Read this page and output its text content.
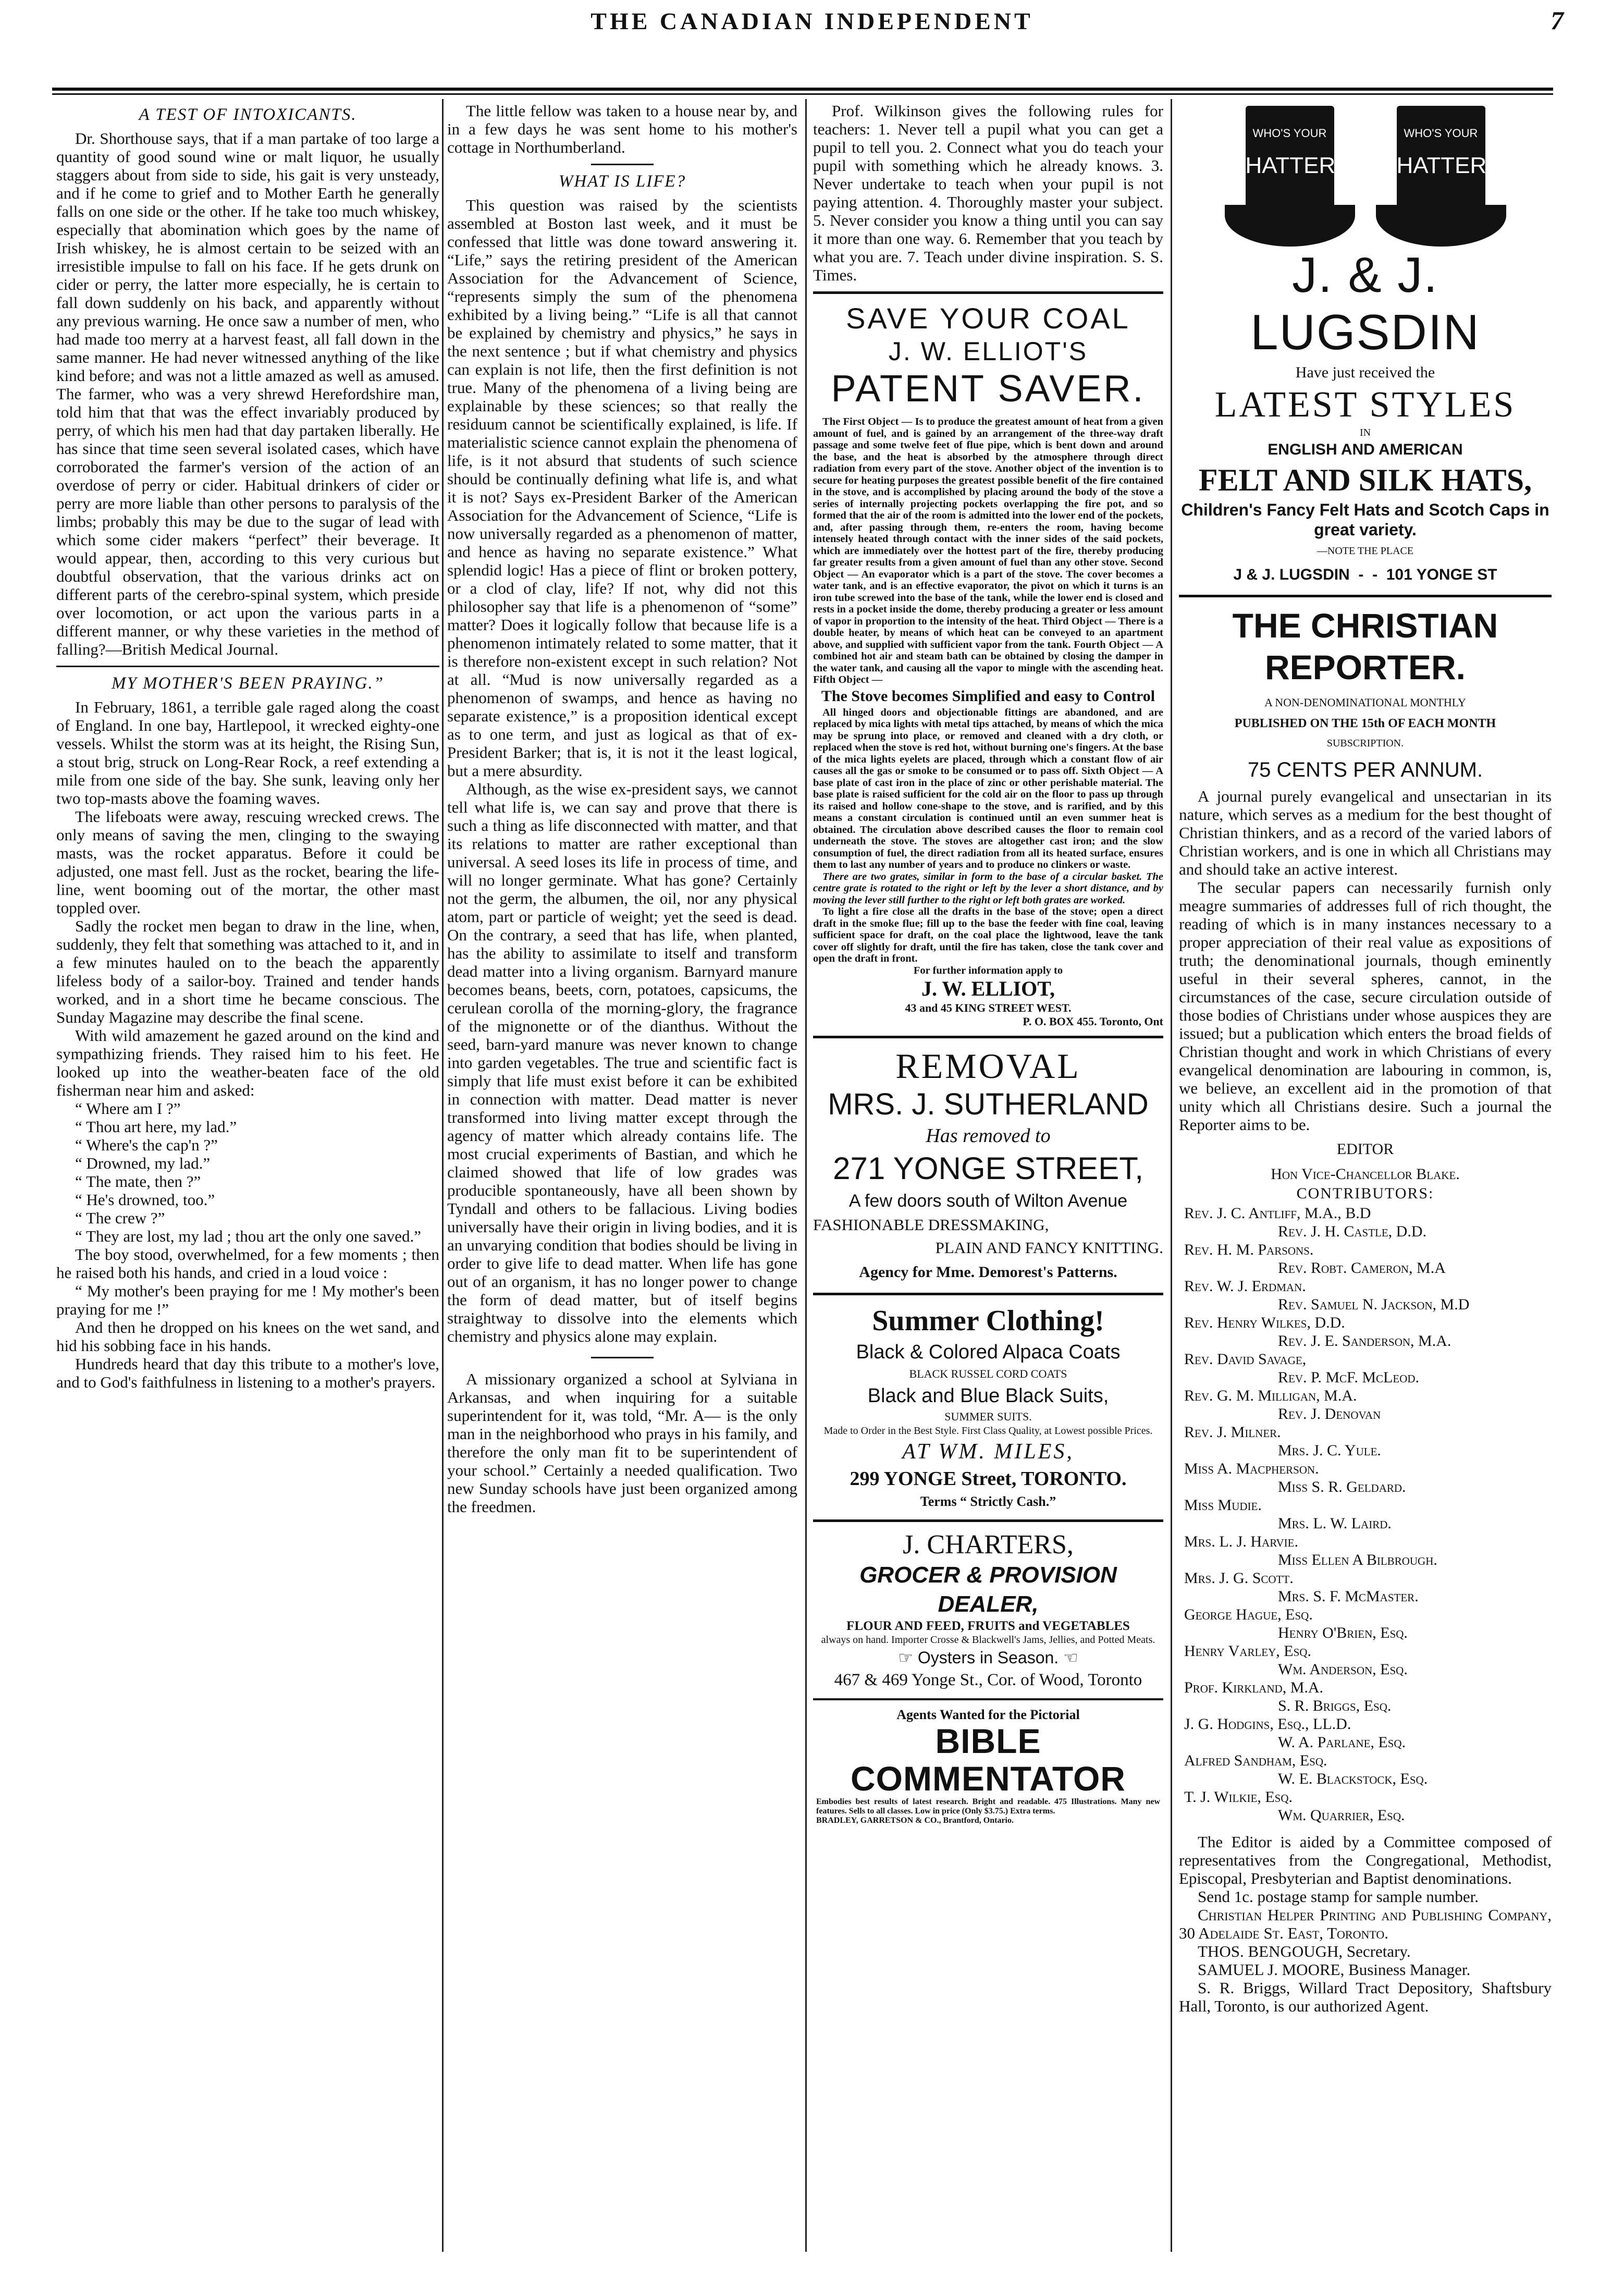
THE CANADIAN INDEPENDENT	7
A TEST OF INTOXICANTS.

Dr. Shorthouse says, that if a man partake of too large a quantity of good sound wine or malt liquor, he usually staggers about from side to side, his gait is very unsteady, and if he come to grief and to Mother Earth he generally falls on one side or the other. If he take too much whiskey, especially that abomination which goes by the name of Irish whiskey, he is almost certain to be seized with an irresistible impulse to fall on his face. If he gets drunk on cider or perry, the latter more especially, he is certain to fall down suddenly on his back, and apparently without any previous warning. He once saw a number of men, who had made too merry at a harvest feast, all fall down in the same manner. He had never witnessed anything of the like kind before; and was not a little amazed as well as amused. The farmer, who was a very shrewd Herefordshire man, told him that that was the effect invariably produced by perry, of which his men had that day partaken liberally. He has since that time seen several isolated cases, which have corroborated the farmer's version of the action of an overdose of perry or cider. Habitual drinkers of cider or perry are more liable than other persons to paralysis of the limbs; probably this may be due to the sugar of lead with which some cider makers “perfect” their beverage. It would appear, then, according to this very curious but doubtful observation, that the various drinks act on different parts of the cerebro-spinal system, which preside over locomotion, or act upon the various parts in a different manner, or why these varieties in the method of falling?—British Medical Journal.

MY MOTHER'S BEEN PRAYING.”

In February, 1861, a terrible gale raged along the coast of England. In one bay, Hartlepool, it wrecked eighty-one vessels. Whilst the storm was at its height, the Rising Sun, a stout brig, struck on Long-Rear Rock, a reef extending a mile from one side of the bay. She sunk, leaving only her two top-masts above the foaming waves.

The lifeboats were away, rescuing wrecked crews. The only means of saving the men, clinging to the swaying masts, was the rocket apparatus. Before it could be adjusted, one mast fell. Just as the rocket, bearing the life-line, went booming out of the mortar, the other mast toppled over.

Sadly the rocket men began to draw in the line, when, suddenly, they felt that something was attached to it, and in a few minutes hauled on to the beach the apparently lifeless body of a sailor-boy. Trained and tender hands worked, and in a short time he became conscious. The Sunday Magazine may describe the final scene.

With wild amazement he gazed around on the kind and sympathizing friends. They raised him to his feet. He looked up into the weather-beaten face of the old fisherman near him and asked:

“ Where am I ?”

“ Thou art here, my lad.”

“ Where's the cap'n ?”

“ Drowned, my lad.”

“ The mate, then ?”

“ He's drowned, too.”

“ The crew ?”

“ They are lost, my lad ; thou art the only one saved.”

The boy stood, overwhelmed, for a few moments ; then he raised both his hands, and cried in a loud voice :

“ My mother's been praying for me ! My mother's been praying for me !”

And then he dropped on his knees on the wet sand, and hid his sobbing face in his hands.

Hundreds heard that day this tribute to a mother's love, and to God's faithfulness in listening to a mother's prayers.

The little fellow was taken to a house near by, and in a few days he was sent home to his mother's cottage in Northumberland.

WHAT IS LIFE?

This question was raised by the scientists assembled at Boston last week, and it must be confessed that little was done toward answering it. “Life,” says the retiring president of the American Association for the Advancement of Science, “represents simply the sum of the phenomena exhibited by a living being.” “Life is all that cannot be explained by chemistry and physics,” he says in the next sentence ; but if what chemistry and physics can explain is not life, then the first definition is not true. Many of the phenomena of a living being are explainable by these sciences; so that really the residuum cannot be scientifically explained, is life. If materialistic science cannot explain the phenomena of life, is it not absurd that students of such science should be continually defining what life is, and what it is not? Says ex-President Barker of the American Association for the Advancement of Science, “Life is now universally regarded as a phenomenon of matter, and hence as having no separate existence.” What splendid logic! Has a piece of flint or broken pottery, or a clod of clay, life? If not, why did not this philosopher say that life is a phenomenon of “some” matter? Does it logically follow that because life is a phenomenon intimately related to some matter, that it is therefore non-existent except in such relation? Not at all. “Mud is now universally regarded as a phenomenon of swamps, and hence as having no separate existence,” is a proposition identical except as to one term, and just as logical as that of ex-President Barker; that is, it is not it the least logical, but a mere absurdity.

Although, as the wise ex-president says, we cannot tell what life is, we can say and prove that there is such a thing as life disconnected with matter, and that its relations to matter are rather exceptional than universal. A seed loses its life in process of time, and will no longer germinate. What has gone? Certainly not the germ, the albumen, the oil, nor any physical atom, part or particle of weight; yet the seed is dead. On the contrary, a seed that has life, when planted, has the ability to assimilate to itself and transform dead matter into a living organism. Barnyard manure becomes beans, beets, corn, potatoes, capsicums, the cerulean corolla of the morning-glory, the fragrance of the mignonette or of the dianthus. Without the seed, barn-yard manure was never known to change into garden vegetables. The true and scientific fact is simply that life must exist before it can be exhibited in connection with matter. Dead matter is never transformed into living matter except through the agency of matter which already contains life. The most crucial experiments of Bastian, and which he claimed showed that life of low grades was producible spontaneously, have all been shown by Tyndall and others to be fallacious. Living bodies universally have their origin in living bodies, and it is an unvarying condition that bodies should be living in order to give life to dead matter. When life has gone out of an organism, it has no longer power to change the form of dead matter, but of itself begins straightway to dissolve into the elements which chemistry and physics alone may explain.

A missionary organized a school at Sylviana in Arkansas, and when inquiring for a suitable superintendent for it, was told, “Mr. A— is the only man in the neighborhood who prays in his family, and therefore the only man fit to be superintendent of your school.” Certainly a needed qualification. Two new Sunday schools have just been organized among the freedmen.

Prof. Wilkinson gives the following rules for teachers: 1. Never tell a pupil what you can get a pupil to tell you. 2. Connect what you do teach your pupil with something which he already knows. 3. Never undertake to teach when your pupil is not paying attention. 4. Thoroughly master your subject. 5. Never consider you know a thing until you can say it more than one way. 6. Remember that you teach by what you are. 7. Teach under divine inspiration. S. S. Times.

SAVE YOUR COAL
J. W. ELLIOT'S
PATENT SAVER.

The First Object — Is to produce the greatest amount of heat from a given amount of fuel, and is gained by an arrangement of the three-way draft passage and some twelve feet of flue pipe, which is bent down and around the base, and the heat is absorbed by the atmosphere through direct radiation from every part of the stove. Another object of the invention is to secure for heating purposes the greatest possible benefit of the fire contained in the stove, and is accomplished by placing around the body of the stove a series of internally projecting pockets overlapping the fire pot, and so formed that the air of the room is admitted into the lower end of the pockets, and, after passing through them, re-enters the room, having become intensely heated through contact with the inner sides of the said pockets, which are immediately over the hottest part of the fire, thereby producing far greater results from a given amount of fuel than any other stove. Second Object — An evaporator which is a part of the stove. The cover becomes a water tank, and is an effective evaporator, the pivot on which it turns is an iron tube screwed into the base of the tank, while the lower end is closed and rests in a pocket inside the dome, thereby producing a greater or less amount of vapor in proportion to the intensity of the heat. Third Object — There is a double heater, by means of which heat can be conveyed to an apartment above, and supplied with sufficient vapor from the tank. Fourth Object — A combined hot air and steam bath can be obtained by closing the damper in the water tank, and causing all the vapor to mingle with the ascending heat. Fifth Object —

The Stove becomes Simplified and easy to Control

All hinged doors and objectionable fittings are abandoned, and are replaced by mica lights with metal tips attached, by means of which the mica may be sprung into place, or removed and cleaned with a dry cloth, or replaced when the stove is red hot, without burning one's fingers. At the base of the mica lights eyelets are placed, through which a constant flow of air causes all the gas or smoke to be consumed or to pass off. Sixth Object — A base plate of cast iron in the place of zinc or other perishable material. The base plate is raised sufficient for the cold air on the floor to pass up through its raised and hollow cone-shape to the stove, and is rarified, and by this means a constant circulation is continued until an even summer heat is obtained. The circulation above described causes the floor to remain cool underneath the stove. The stoves are altogether cast iron; and the slow consumption of fuel, the direct radiation from all its heated surface, ensures them to last any number of years and to produce no clinkers or waste.

There are two grates, similar in form to the base of a circular basket. The centre grate is rotated to the right or left by the lever a short distance, and by moving the lever still further to the right or left both grates are worked.

To light a fire close all the drafts in the base of the stove; open a direct draft in the smoke flue; fill up to the base the feeder with fine coal, leaving sufficient space for draft, on the coal place the lightwood, leave the tank cover off slightly for draft, until the fire has taken, close the tank cover and open the draft in front.

For further information apply to
J. W. ELLIOT,
43 and 45 KING STREET WEST.
P. O. BOX 455. Toronto, Ont
REMOVAL
MRS. J. SUTHERLAND
Has removed to
271 YONGE STREET,
A few doors south of Wilton Avenue
FASHIONABLE DRESSMAKING,
PLAIN AND FANCY KNITTING.
Agency for Mme. Demorest's Patterns.
Summer Clothing!
Black & Colored Alpaca Coats
BLACK RUSSEL CORD COATS
Black and Blue Black Suits,
SUMMER SUITS.
Made to Order in the Best Style. First Class Quality, at Lowest possible Prices.
AT WM. MILES,
299 YONGE Street, TORONTO.
Terms “ Strictly Cash.”
J. CHARTERS,
GROCER & PROVISION DEALER,
FLOUR AND FEED, FRUITS and VEGETABLES
always on hand. Importer Crosse & Blackwell's Jams, Jellies, and Potted Meats.
☞ Oysters in Season. ☜
467 & 469 Yonge St., Cor. of Wood, Toronto
Agents Wanted for the Pictorial
BIBLE COMMENTATOR
Embodies best results of latest research. Bright and readable. 475 Illustrations. Many new features. Sells to all classes. Low in price (Only $3.75.) Extra terms.
BRADLEY, GARRETSON & CO., Brantford, Ontario.
WHO'S YOUR
HATTER
WHO'S YOUR
HATTER
J. & J. LUGSDIN
Have just received the
LATEST STYLES
IN
ENGLISH AND AMERICAN
FELT AND SILK HATS,
Children's Fancy Felt Hats and Scotch Caps in great variety.
—NOTE THE PLACE
J & J. LUGSDIN  -  -  101 YONGE ST
THE CHRISTIAN REPORTER.
A NON-DENOMINATIONAL MONTHLY
PUBLISHED ON THE 15th OF EACH MONTH
SUBSCRIPTION.
75 CENTS PER ANNUM.

A journal purely evangelical and unsectarian in its nature, which serves as a medium for the best thought of Christian thinkers, and as a record of the varied labors of Christian workers, and is one in which all Christians may and should take an active interest.

The secular papers can necessarily furnish only meagre summaries of addresses full of rich thought, the reading of which is in many instances necessary to a proper appreciation of their real value as expositions of truth; the denominational journals, though eminently useful in their several spheres, cannot, in the circumstances of the case, secure circulation outside of those bodies of Christians under whose auspices they are issued; but a publication which enters the broad fields of Christian thought and work in which Christians of every evangelical denomination are labouring in common, is, we believe, an excellent aid in the promotion of that unity which all Christians desire. Such a journal the Reporter aims to be.

EDITOR
Hon Vice-Chancellor Blake.
CONTRIBUTORS:
Rev. J. C. Antliff, M.A., B.D
Rev. J. H. Castle, D.D.
Rev. H. M. Parsons.
Rev. Robt. Cameron, M.A
Rev. W. J. Erdman.
Rev. Samuel N. Jackson, M.D
Rev. Henry Wilkes, D.D.
Rev. J. E. Sanderson, M.A.
Rev. David Savage,
Rev. P. McF. McLeod.
Rev. G. M. Milligan, M.A.
Rev. J. Denovan
Rev. J. Milner.
Mrs. J. C. Yule.
Miss A. Macpherson.
Miss S. R. Geldard.
Miss Mudie.
Mrs. L. W. Laird.
Mrs. L. J. Harvie.
Miss Ellen A Bilbrough.
Mrs. J. G. Scott.
Mrs. S. F. McMaster.
George Hague, Esq.
Henry O'Brien, Esq.
Henry Varley, Esq.
Wm. Anderson, Esq.
Prof. Kirkland, M.A.
S. R. Briggs, Esq.
J. G. Hodgins, Esq., LL.D.
W. A. Parlane, Esq.
Alfred Sandham, Esq.
W. E. Blackstock, Esq.
T. J. Wilkie, Esq.
Wm. Quarrier, Esq.

The Editor is aided by a Committee composed of representatives from the Congregational, Methodist, Episcopal, Presbyterian and Baptist denominations.

Send 1c. postage stamp for sample number.

Christian Helper Printing and Publishing Company, 30 Adelaide St. East, Toronto.

THOS. BENGOUGH, Secretary.

SAMUEL J. MOORE, Business Manager.

S. R. Briggs, Willard Tract Depository, Shaftsbury Hall, Toronto, is our authorized Agent.
